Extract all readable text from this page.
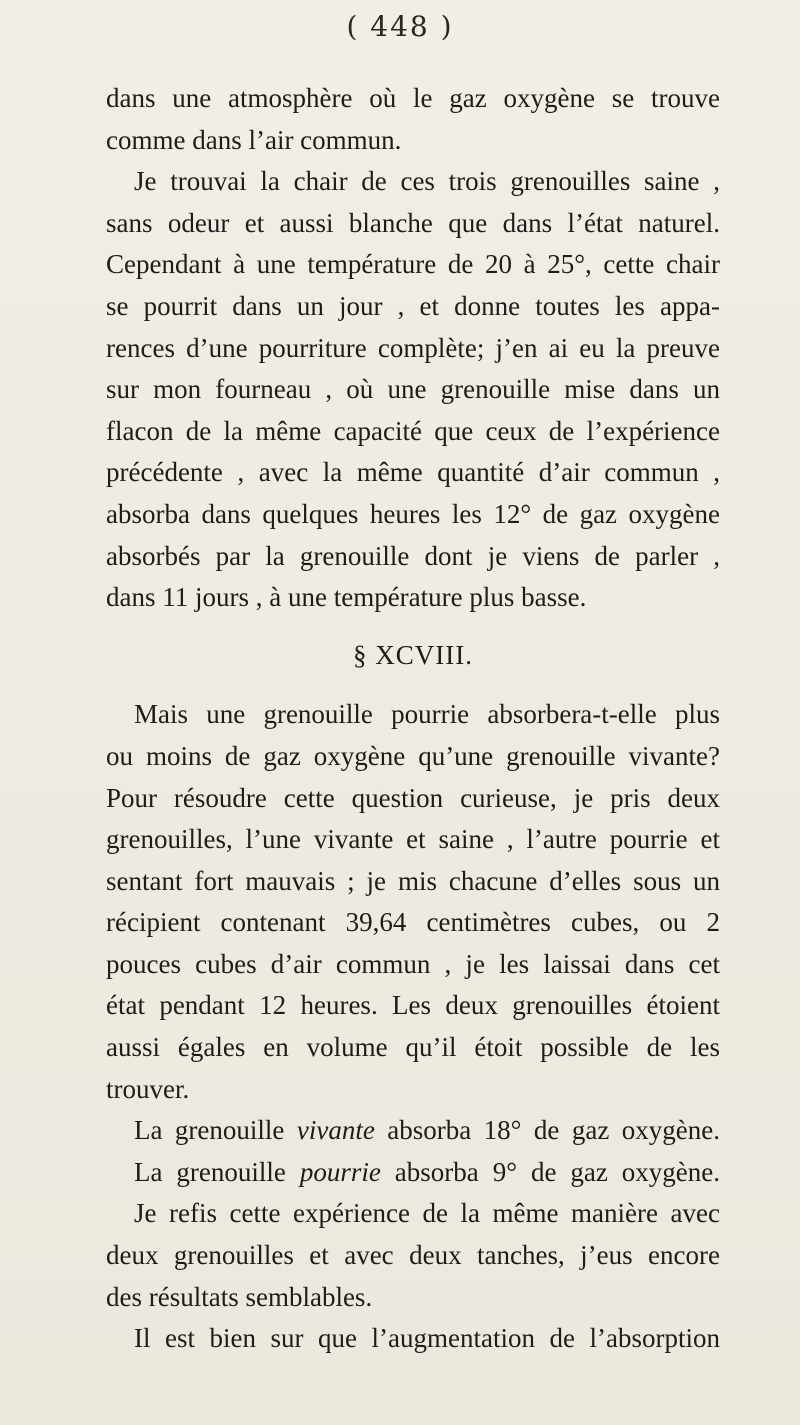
( 448 )
dans une atmosphère où le gaz oxygène se trouve
comme dans l’air commun.
Je trouvai la chair de ces trois grenouilles saine ,
sans odeur et aussi blanche que dans l’état naturel.
Cependant à une température de 20 à 25°, cette chair
se pourrit dans un jour , et donne toutes les appa-
rences d’une pourriture complète; j’en ai eu la preuve
sur mon fourneau , où une grenouille mise dans un
flacon de la même capacité que ceux de l’expérience
précédente , avec la même quantité d’air commun ,
absorba dans quelques heures les 12° de gaz oxygène
absorbés par la grenouille dont je viens de parler ,
dans 11 jours , à une température plus basse.
§ XCVIII.
Mais une grenouille pourrie absorbera-t-elle plus
ou moins de gaz oxygène qu’une grenouille vivante?
Pour résoudre cette question curieuse, je pris deux
grenouilles, l’une vivante et saine , l’autre pourrie et
sentant fort mauvais ; je mis chacune d’elles sous un
récipient contenant 39,64 centimètres cubes, ou 2
pouces cubes d’air commun , je les laissai dans cet
état pendant 12 heures. Les deux grenouilles étoient
aussi égales en volume qu’il étoit possible de les
trouver.
La grenouille vivante absorba 18° de gaz oxygène.
La grenouille pourrie absorba 9° de gaz oxygène.
Je refis cette expérience de la même manière avec
deux grenouilles et avec deux tanches, j’eus encore
des résultats semblables.
Il est bien sur que l’augmentation de l’absorption
